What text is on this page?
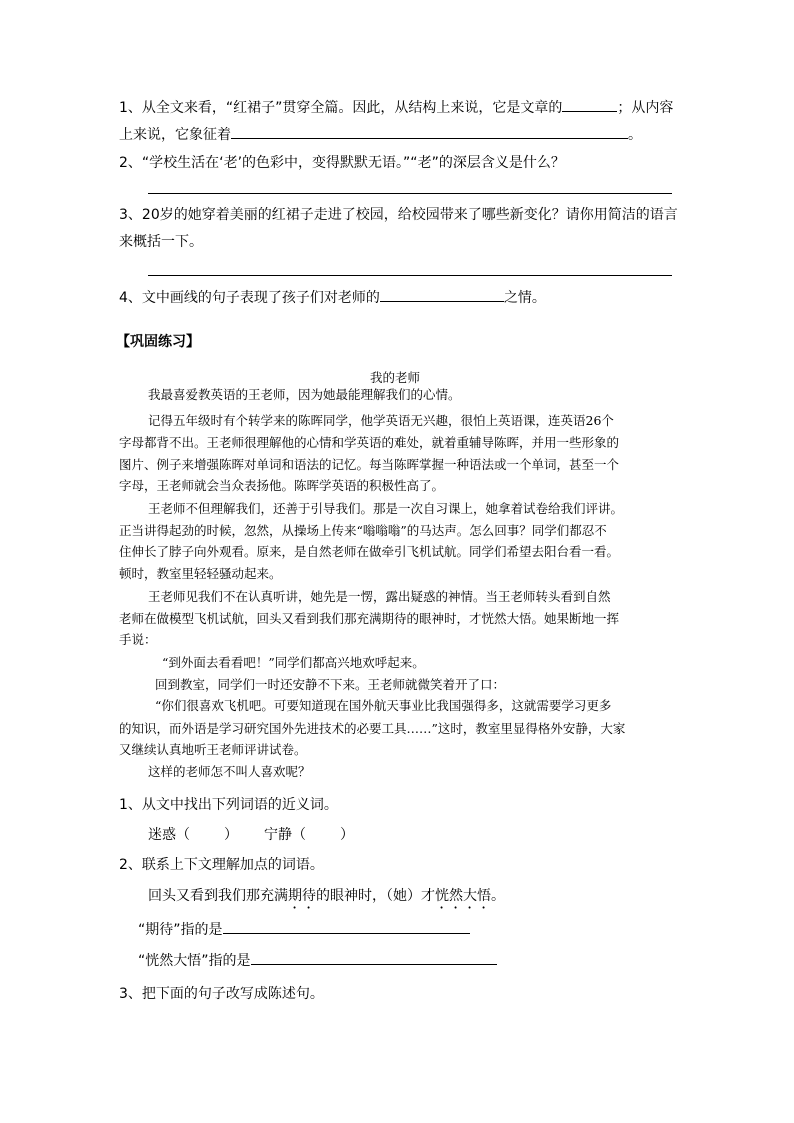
1、从全文来看，“红裙子”贯穿全篇。因此，从结构上来说，它是文章的	；从内容
上来说，它象征着	。
2、“学校生活在‘老’的色彩中，变得默默无语。”“老”的深层含义是什么？
3、20岁的她穿着美丽的红裙子走进了校园，给校园带来了哪些新变化？请你用简洁的语言
来概括一下。
4、文中画线的句子表现了孩子们对老师的	之情。
【巩固练习】
我的老师
我最喜爱教英语的王老师，因为她最能理解我们的心情。
记得五年级时有个转学来的陈晖同学，他学英语无兴趣，很怕上英语课，连英语26个
字母都背不出。王老师很理解他的心情和学英语的难处，就着重辅导陈晖，并用一些形象的
图片、例子来增强陈晖对单词和语法的记忆。每当陈晖掌握一种语法或一个单词，甚至一个
字母，王老师就会当众表扬他。陈晖学英语的积极性高了。
王老师不但理解我们，还善于引导我们。那是一次自习课上，她拿着试卷给我们评讲。
正当讲得起劲的时候，忽然，从操场上传来“嗡嗡嗡”的马达声。怎么回事？同学们都忍不
住伸长了脖子向外观看。原来，是自然老师在做牵引飞机试航。同学们希望去阳台看一看。
顿时，教室里轻轻骚动起来。
王老师见我们不在认真听讲，她先是一愣，露出疑惑的神情。当王老师转头看到自然
老师在做模型飞机试航，回头又看到我们那充满期待的眼神时，才恍然大悟。她果断地一挥
手说：
“到外面去看看吧！”同学们都高兴地欢呼起来。
回到教室，同学们一时还安静不下来。王老师就微笑着开了口：
“你们很喜欢飞机吧。可要知道现在国外航天事业比我国强得多，这就需要学习更多
的知识，而外语是学习研究国外先进技术的必要工具……”这时，教室里显得格外安静，大家
又继续认真地听王老师评讲试卷。
这样的老师怎不叫人喜欢呢？
1、从文中找出下列词语的近义词。
迷惑（ ） 宁静（ ）
2、联系上下文理解加点的词语。
回头又看到我们那充满期待的眼神时，（她）才恍然大悟。
“期待”指的是
“恍然大悟”指的是
3、把下面的句子改写成陈述句。
